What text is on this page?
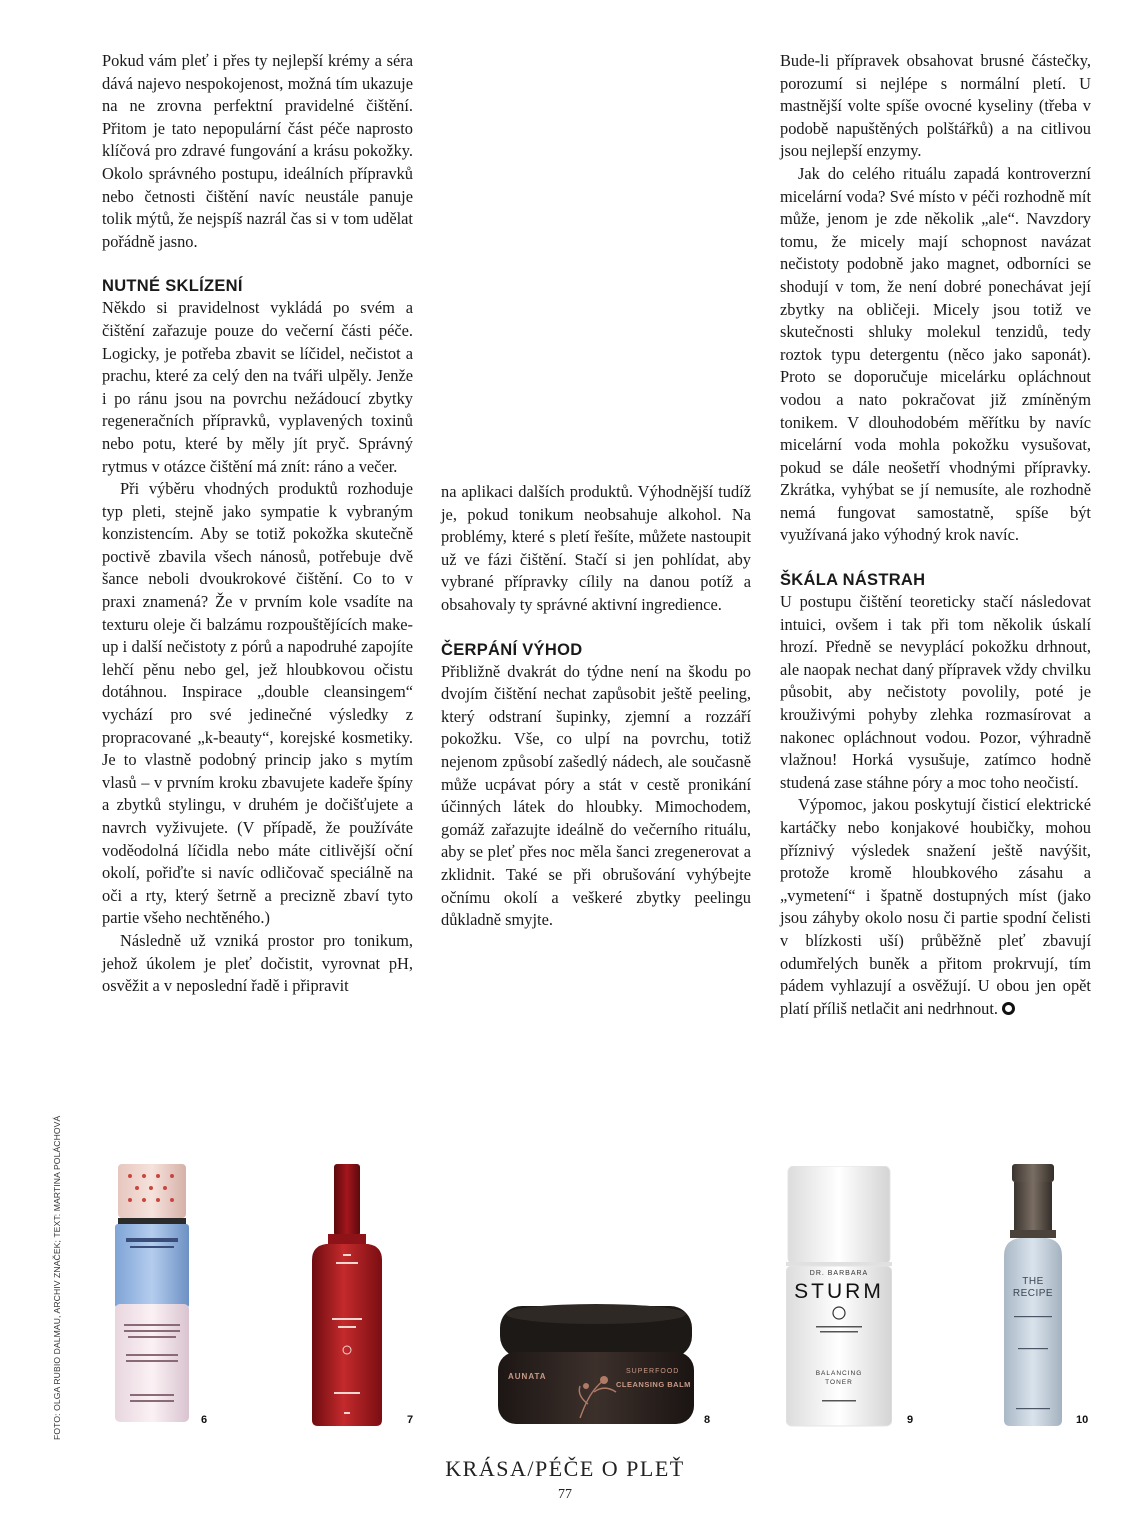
Pokud vám pleť i přes ty nejlepší krémy a séra dává najevo nespokojenost, možná tím ukazuje na ne zrovna perfektní pravidelné čištění. Přitom je tato nepopulární část péče naprosto klíčová pro zdravé fungování a krásu pokožky. Okolo správného postupu, ideálních přípravků nebo četnosti čištění navíc neustále panuje tolik mýtů, že nejspíš nazrál čas si v tom udělat pořádně jasno.

NUTNÉ SKLÍZENÍ

Někdo si pravidelnost vykládá po svém a čištění zařazuje pouze do večerní části péče. Logicky, je potřeba zbavit se líčidel, nečistot a prachu, které za celý den na tváři ulpěly. Jenže i po ránu jsou na povrchu nežádoucí zbytky regeneračních přípravků, vyplavených toxinů nebo potu, které by měly jít pryč. Správný rytmus v otázce čištění má znít: ráno a večer.

Při výběru vhodných produktů rozhoduje typ pleti, stejně jako sympatie k vybraným konzistencím. Aby se totiž pokožka skutečně poctivě zbavila všech nánosů, potřebuje dvě šance neboli dvoukrokové čištění. Co to v praxi znamená? Že v prvním kole vsadíte na texturu oleje či balzámu rozpouštějících make-up i další nečistoty z pórů a napodruhé zapojíte lehčí pěnu nebo gel, jež hloubkovou očistu dotáhnou. Inspirace „double cleansingem“ vychází pro své jedinečné výsledky z propracované „k-beauty“, korejské kosmetiky. Je to vlastně podobný princip jako s mytím vlasů – v prvním kroku zbavujete kadeře špíny a zbytků stylingu, v druhém je dočišťujete a navrch vyživujete. (V případě, že používáte voděodolná líčidla nebo máte citlivější oční okolí, pořiďte si navíc odličovač speciálně na oči a rty, který šetrně a precizně zbaví tyto partie všeho nechtěného.)

Následně už vzniká prostor pro tonikum, jehož úkolem je pleť dočistit, vyrovnat pH, osvěžit a v neposlední řadě i připravit

na aplikaci dalších produktů. Výhodnější tudíž je, pokud tonikum neobsahuje alkohol. Na problémy, které s pletí řešíte, můžete nastoupit už ve fázi čištění. Stačí si jen pohlídat, aby vybrané přípravky cílily na danou potíž a obsahovaly ty správné aktivní ingredience.

ČERPÁNÍ VÝHOD

Přibližně dvakrát do týdne není na škodu po dvojím čištění nechat zapůsobit ještě peeling, který odstraní šupinky, zjemní a rozzáří pokožku. Vše, co ulpí na povrchu, totiž nejenom způsobí zašedlý nádech, ale současně může ucpávat póry a stát v cestě pronikání účinných látek do hloubky. Mimochodem, gomáž zařazujte ideálně do večerního rituálu, aby se pleť přes noc měla šanci zregenerovat a zklidnit. Také se při obrušování vyhýbejte očnímu okolí a veškeré zbytky peelingu důkladně smyjte.

Bude-li přípravek obsahovat brusné částečky, porozumí si nejlépe s normální pletí. U mastnější volte spíše ovocné kyseliny (třeba v podobě napuštěných polštářků) a na citlivou jsou nejlepší enzymy.

Jak do celého rituálu zapadá kontroverzní micelární voda? Své místo v péči rozhodně mít může, jenom je zde několik „ale“. Navzdory tomu, že micely mají schopnost navázat nečistoty podobně jako magnet, odborníci se shodují v tom, že není dobré ponechávat její zbytky na obličeji. Micely jsou totiž ve skutečnosti shluky molekul tenzidů, tedy roztok typu detergentu (něco jako saponát). Proto se doporučuje micelárku opláchnout vodou a nato pokračovat již zmíněným tonikem. V dlouhodobém měřítku by navíc micelární voda mohla pokožku vysušovat, pokud se dále neošetří vhodnými přípravky. Zkrátka, vyhýbat se jí nemusíte, ale rozhodně nemá fungovat samostatně, spíše být využívaná jako výhodný krok navíc.

ŠKÁLA NÁSTRAH

U postupu čištění teoreticky stačí následovat intuici, ovšem i tak při tom několik úskalí hrozí. Předně se nevyplácí pokožku drhnout, ale naopak nechat daný přípravek vždy chvilku působit, aby nečistoty povolily, poté je krouživými pohyby zlehka rozmasírovat a nakonec opláchnout vodou. Pozor, výhradně vlažnou! Horká vysušuje, zatímco hodně studená zase stáhne póry a moc toho neočistí.

Výpomoc, jakou poskytují čisticí elektrické kartáčky nebo konjakové houbičky, mohou příznivý výsledek snažení ještě navýšit, protože kromě hloubkového zásahu a „vymetení“ i špatně dostupných míst (jako jsou záhyby okolo nosu či partie spodní čelisti v blízkosti uší) průběžně pleť zbavují odumřelých buněk a přitom prokrvují, tím pádem vyhlazují a osvěžují. U obou jen opět platí příliš netlačit ani nedrhnout.

FOTO: OLGA RUBIO DALMAU, ARCHIV ZNAČEK; TEXT: MARTINA POLÁCHOVÁ	6	7
AUNATA
SUPERFOOD
CLEANSING BALM
8
DR. BARBARA
STURM
BALANCING
TONER
9
THE
RECIPE
10
KRÁSA/PÉČE O PLEŤ
77
